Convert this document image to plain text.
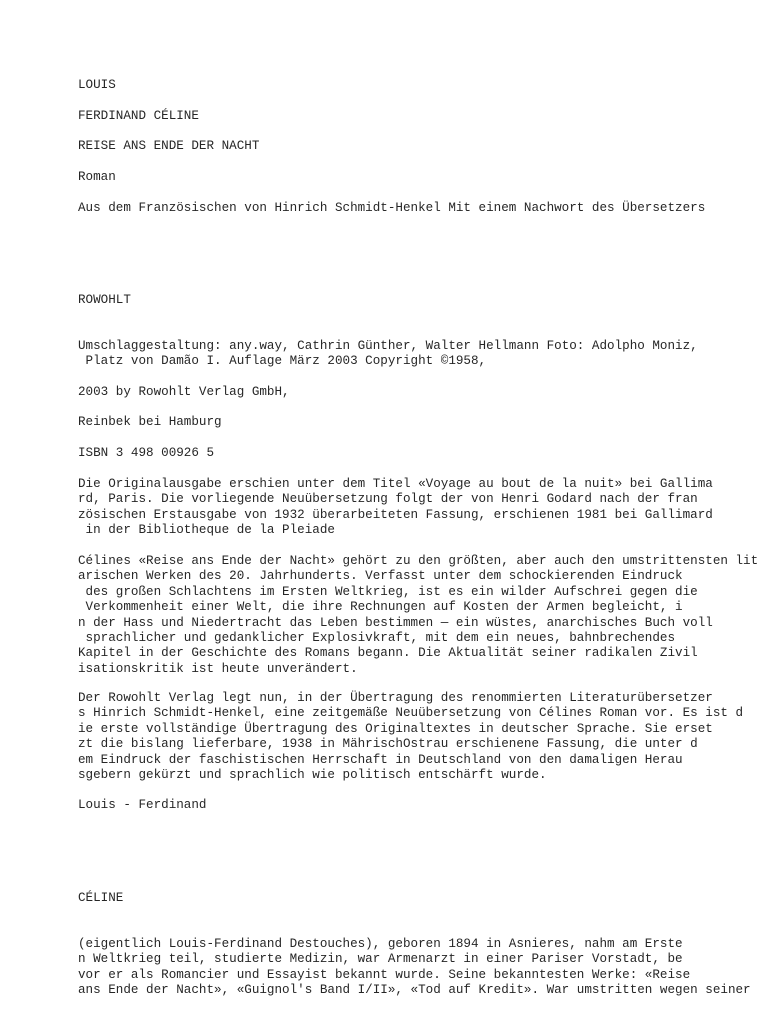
LOUIS

FERDINAND CÉLINE

REISE ANS ENDE DER NACHT

Roman

Aus dem Französischen von Hinrich Schmidt-Henkel Mit einem Nachwort des Übersetzers

ROWOHLT

Umschlaggestaltung: any.way, Cathrin Günther, Walter Hellmann Foto: Adolpho Moniz,
Platz von Damão I. Auflage März 2003 Copyright ©1958,

2003 by Rowohlt Verlag GmbH,

Reinbek bei Hamburg

ISBN 3 498 00926 5

Die Originalausgabe erschien unter dem Titel «Voyage au bout de la nuit» bei Gallima
rd, Paris. Die vorliegende Neuübersetzung folgt der von Henri Godard nach der fran
zösischen Erstausgabe von 1932 überarbeiteten Fassung, erschienen 1981 bei Gallimard
in der Bibliotheque de la Pleiade

Célines «Reise ans Ende der Nacht» gehört zu den größten, aber auch den umstrittensten lit
arischen Werken des 20. Jahrhunderts. Verfasst unter dem schockierenden Eindruck
des großen Schlachtens im Ersten Weltkrieg, ist es ein wilder Aufschrei gegen die
Verkommenheit einer Welt, die ihre Rechnungen auf Kosten der Armen begleicht, i
n der Hass und Niedertracht das Leben bestimmen — ein wüstes, anarchisches Buch voll
sprachlicher und gedanklicher Explosivkraft, mit dem ein neues, bahnbrechendes
Kapitel in der Geschichte des Romans begann. Die Aktualität seiner radikalen Zivil
isationskritik ist heute unverändert.

Der Rowohlt Verlag legt nun, in der Übertragung des renommierten Literaturübersetzer
s Hinrich Schmidt-Henkel, eine zeitgemäße Neuübersetzung von Célines Roman vor. Es ist d
ie erste vollständige Übertragung des Originaltextes in deutscher Sprache. Sie erset
zt die bislang lieferbare, 1938 in MährischOstrau erschienene Fassung, die unter d
em Eindruck der faschistischen Herrschaft in Deutschland von den damaligen Herau
sgebern gekürzt und sprachlich wie politisch entschärft wurde.

Louis - Ferdinand

CÉLINE

(eigentlich Louis-Ferdinand Destouches), geboren 1894 in Asnieres, nahm am Erste
n Weltkrieg teil, studierte Medizin, war Armenarzt in einer Pariser Vorstadt, be
vor er als Romancier und Essayist bekannt wurde. Seine bekanntesten Werke: «Reise
ans Ende der Nacht», «Guignol's Band I/II», «Tod auf Kredit». War umstritten wegen seiner
